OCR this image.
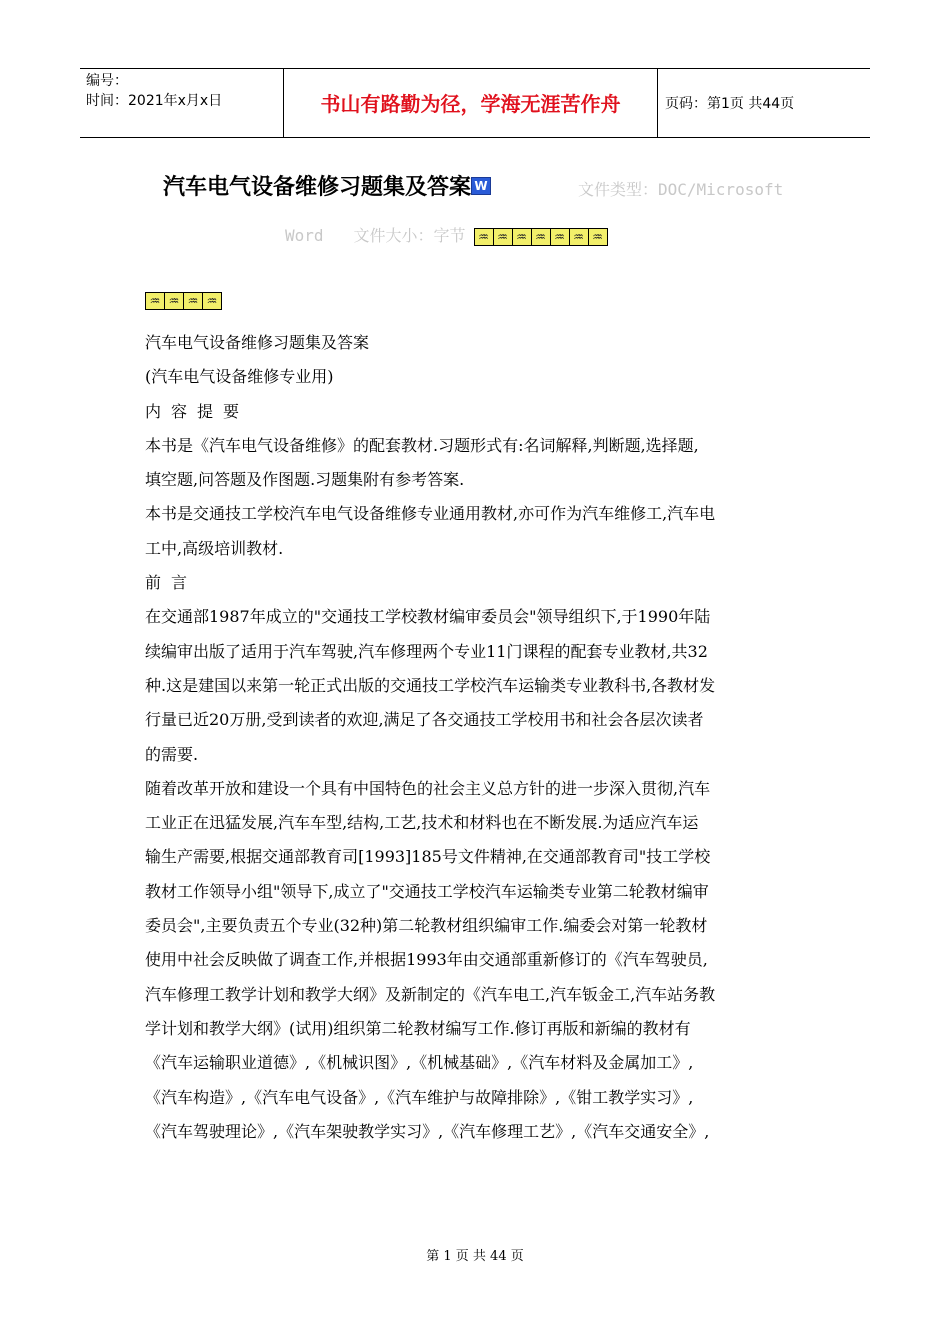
编号：
时间：2021年x月x日	书山有路勤为径，学海无涯苦作舟	页码：第1页 共44页
汽车电气设备维修习题集及答案 W	文件类型：DOC/Microsoft
Word 文件大小：字节	♒ ♒ ♒ ♒ ♒ ♒ ♒
♒ ♒ ♒ ♒

汽车电气设备维修习题集及答案

(汽车电气设备维修专业用)

内容提要

本书是《汽车电气设备维修》的配套教材.习题形式有:名词解释,判断题,选择题,

填空题,问答题及作图题.习题集附有参考答案.

本书是交通技工学校汽车电气设备维修专业通用教材,亦可作为汽车维修工,汽车电

工中,高级培训教材.

前言

在交通部1987年成立的"交通技工学校教材编审委员会"领导组织下,于1990年陆

续编审出版了适用于汽车驾驶,汽车修理两个专业11门课程的配套专业教材,共32

种.这是建国以来第一轮正式出版的交通技工学校汽车运输类专业教科书,各教材发

行量已近20万册,受到读者的欢迎,满足了各交通技工学校用书和社会各层次读者

的需要.

随着改革开放和建设一个具有中国特色的社会主义总方针的进一步深入贯彻,汽车

工业正在迅猛发展,汽车车型,结构,工艺,技术和材料也在不断发展.为适应汽车运

输生产需要,根据交通部教育司[1993]185号文件精神,在交通部教育司"技工学校

教材工作领导小组"领导下,成立了"交通技工学校汽车运输类专业第二轮教材编审

委员会",主要负责五个专业(32种)第二轮教材组织编审工作.编委会对第一轮教材

使用中社会反映做了调查工作,并根据1993年由交通部重新修订的《汽车驾驶员,

汽车修理工教学计划和教学大纲》及新制定的《汽车电工,汽车钣金工,汽车站务教

学计划和教学大纲》(试用)组织第二轮教材编写工作.修订再版和新编的教材有

《汽车运输职业道德》,《机械识图》,《机械基础》,《汽车材料及金属加工》,

《汽车构造》,《汽车电气设备》,《汽车维护与故障排除》,《钳工教学实习》,

《汽车驾驶理论》,《汽车架驶教学实习》,《汽车修理工艺》,《汽车交通安全》,

第 1 页 共 44 页
